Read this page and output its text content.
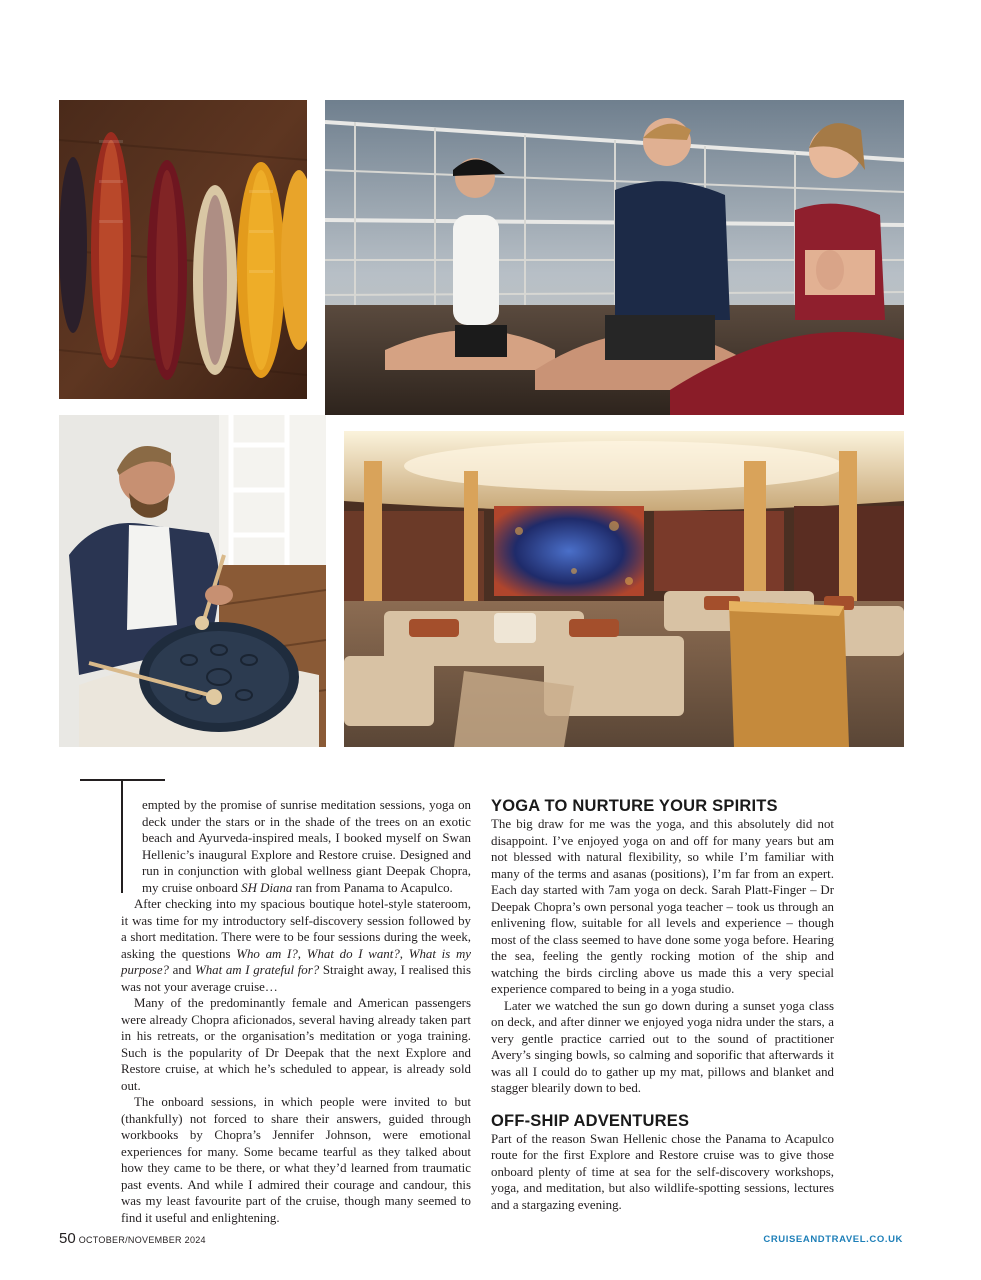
empted by the promise of sunrise meditation sessions, yoga on deck under the stars or in the shade of the trees on an exotic beach and Ayurveda-inspired meals, I booked myself on Swan Hellenic’s inaugural Explore and Restore cruise. Designed and run in conjunction with global wellness giant Deepak Chopra, my cruise onboard SH Diana ran from Panama to Acapulco.

After checking into my spacious boutique hotel-style stateroom, it was time for my introductory self-discovery session followed by a short meditation. There were to be four sessions during the week, asking the questions Who am I?, What do I want?, What is my purpose? and What am I grateful for? Straight away, I realised this was not your average cruise…

Many of the predominantly female and American passengers were already Chopra aficionados, several having already taken part in his retreats, or the organisation’s meditation or yoga training. Such is the popularity of Dr Deepak that the next Explore and Restore cruise, at which he’s scheduled to appear, is already sold out.

The onboard sessions, in which people were invited to but (thankfully) not forced to share their answers, guided through workbooks by Chopra’s Jennifer Johnson, were emotional experiences for many. Some became tearful as they talked about how they came to be there, or what they’d learned from traumatic past events. And while I admired their courage and candour, this was my least favourite part of the cruise, though many seemed to find it useful and enlightening.

YOGA TO NURTURE YOUR SPIRITS

The big draw for me was the yoga, and this absolutely did not disappoint. I’ve enjoyed yoga on and off for many years but am not blessed with natural flexibility, so while I’m familiar with many of the terms and asanas (positions), I’m far from an expert. Each day started with 7am yoga on deck. Sarah Platt-Finger – Dr Deepak Chopra’s own personal yoga teacher – took us through an enlivening flow, suitable for all levels and experience – though most of the class seemed to have done some yoga before. Hearing the sea, feeling the gently rocking motion of the ship and watching the birds circling above us made this a very special experience compared to being in a yoga studio.

Later we watched the sun go down during a sunset yoga class on deck, and after dinner we enjoyed yoga nidra under the stars, a very gentle practice carried out to the sound of practitioner Avery’s singing bowls, so calming and soporific that afterwards it was all I could do to gather up my mat, pillows and blanket and stagger blearily down to bed.

OFF-SHIP ADVENTURES

Part of the reason Swan Hellenic chose the Panama to Acapulco route for the first Explore and Restore cruise was to give those onboard plenty of time at sea for the self-discovery workshops, yoga, and meditation, but also wildlife-spotting sessions, lectures and a stargazing evening.

50 OCTOBER/NOVEMBER 2024	CRUISEANDTRAVEL.CO.UK
